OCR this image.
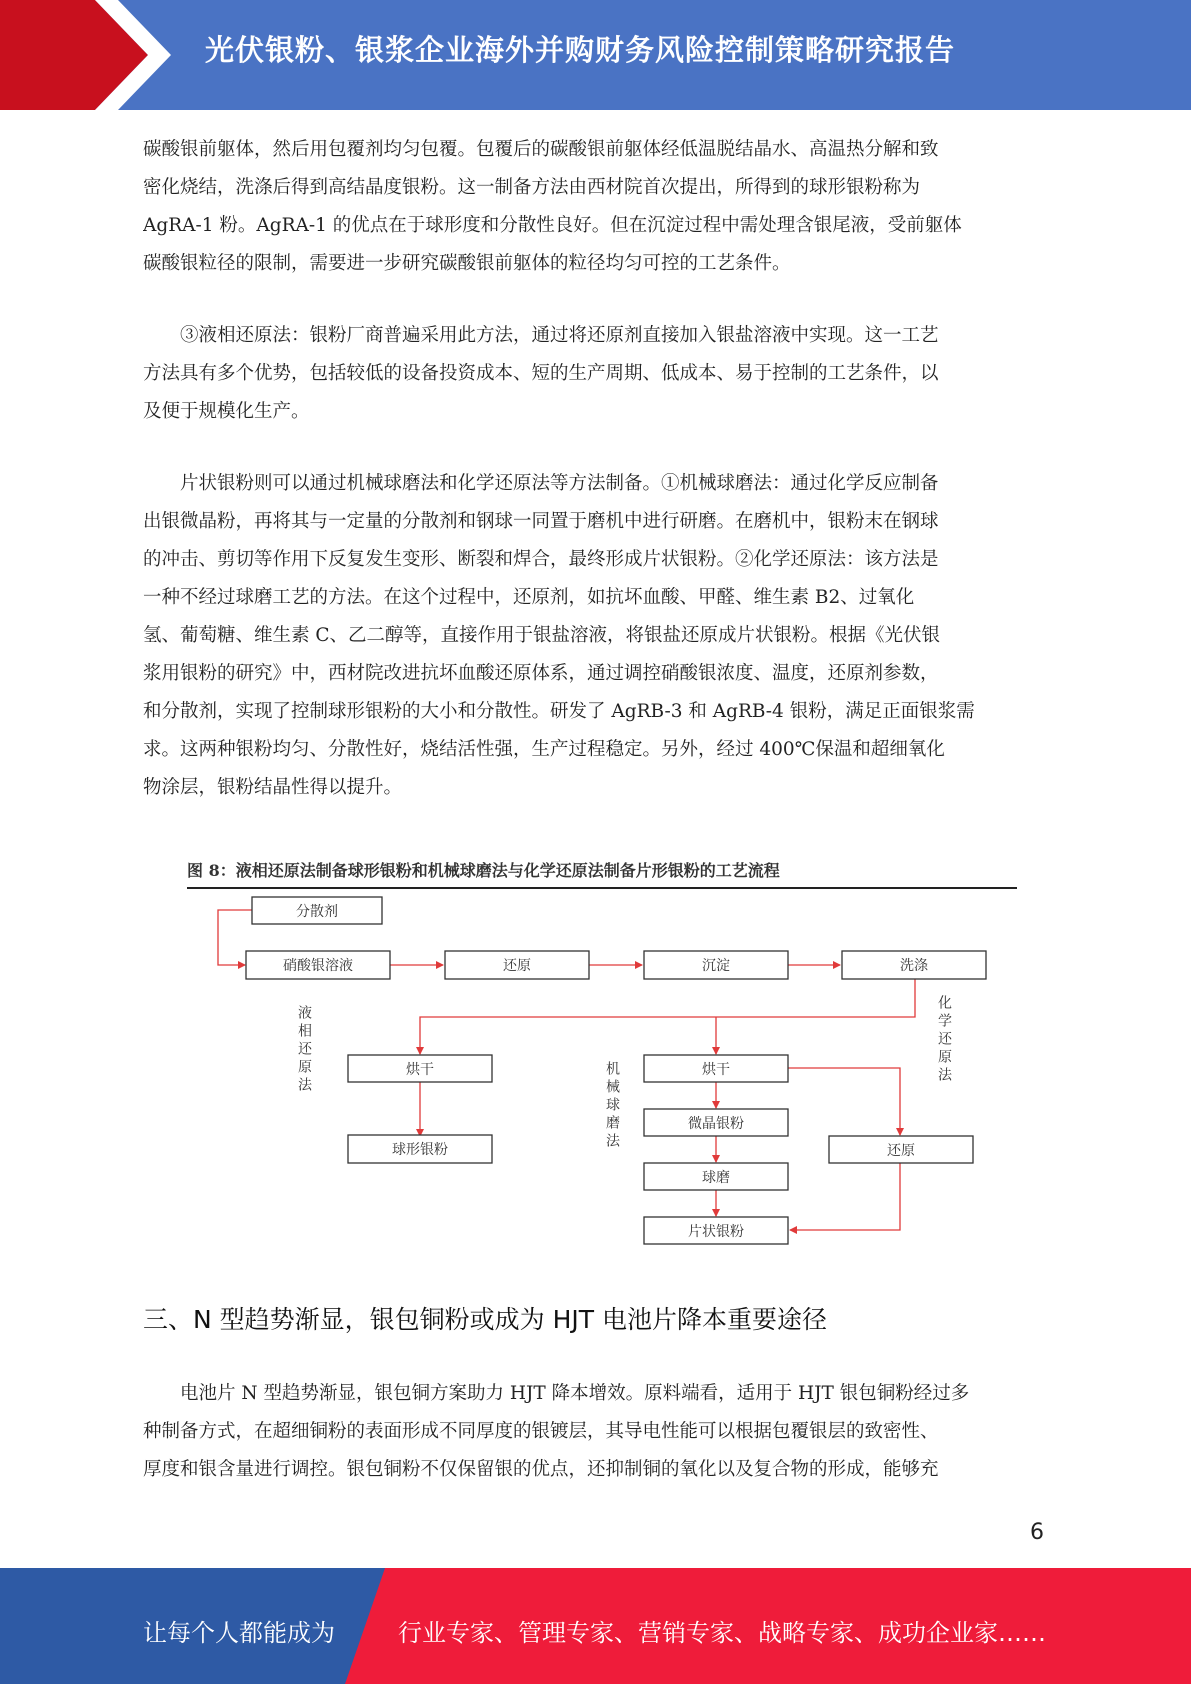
光伏银粉、银浆企业海外并购财务风险控制策略研究报告
碳酸银前躯体，然后用包覆剂均匀包覆。包覆后的碳酸银前躯体经低温脱结晶水、高温热分解和致
密化烧结，洗涤后得到高结晶度银粉。这一制备方法由西材院首次提出，所得到的球形银粉称为
AgRA-1 粉。AgRA-1 的优点在于球形度和分散性良好。但在沉淀过程中需处理含银尾液，受前躯体
碳酸银粒径的限制，需要进一步研究碳酸银前躯体的粒径均匀可控的工艺条件。
　　③液相还原法：银粉厂商普遍采用此方法，通过将还原剂直接加入银盐溶液中实现。这一工艺
方法具有多个优势，包括较低的设备投资成本、短的生产周期、低成本、易于控制的工艺条件，以
及便于规模化生产。
　　片状银粉则可以通过机械球磨法和化学还原法等方法制备。①机械球磨法：通过化学反应制备
出银微晶粉，再将其与一定量的分散剂和钢球一同置于磨机中进行研磨。在磨机中，银粉末在钢球
的冲击、剪切等作用下反复发生变形、断裂和焊合，最终形成片状银粉。②化学还原法：该方法是
一种不经过球磨工艺的方法。在这个过程中，还原剂，如抗坏血酸、甲醛、维生素 B2、过氧化
氢、葡萄糖、维生素 C、乙二醇等，直接作用于银盐溶液，将银盐还原成片状银粉。根据《光伏银
浆用银粉的研究》中，西材院改进抗坏血酸还原体系，通过调控硝酸银浓度、温度，还原剂参数，
和分散剂，实现了控制球形银粉的大小和分散性。研发了 AgRB-3 和 AgRB-4 银粉，满足正面银浆需
求。这两种银粉均匀、分散性好，烧结活性强，生产过程稳定。另外，经过 400℃保温和超细氧化
物涂层，银粉结晶性得以提升。
图 8：液相还原法制备球形银粉和机械球磨法与化学还原法制备片形银粉的工艺流程
分散剂
硝酸银溶液	还原	沉淀	洗涤
烘干
球形银粉
烘干
微晶银粉
球磨
片状银粉
还原
液相还原法
机械球磨法
化学还原法
三、N 型趋势渐显，银包铜粉或成为 HJT 电池片降本重要途径
　　电池片 N 型趋势渐显，银包铜方案助力 HJT 降本增效。原料端看，适用于 HJT 银包铜粉经过多
种制备方式，在超细铜粉的表面形成不同厚度的银镀层，其导电性能可以根据包覆银层的致密性、
厚度和银含量进行调控。银包铜粉不仅保留银的优点，还抑制铜的氧化以及复合物的形成，能够充
6
让每个人都能成为	行业专家、管理专家、营销专家、战略专家、成功企业家……
